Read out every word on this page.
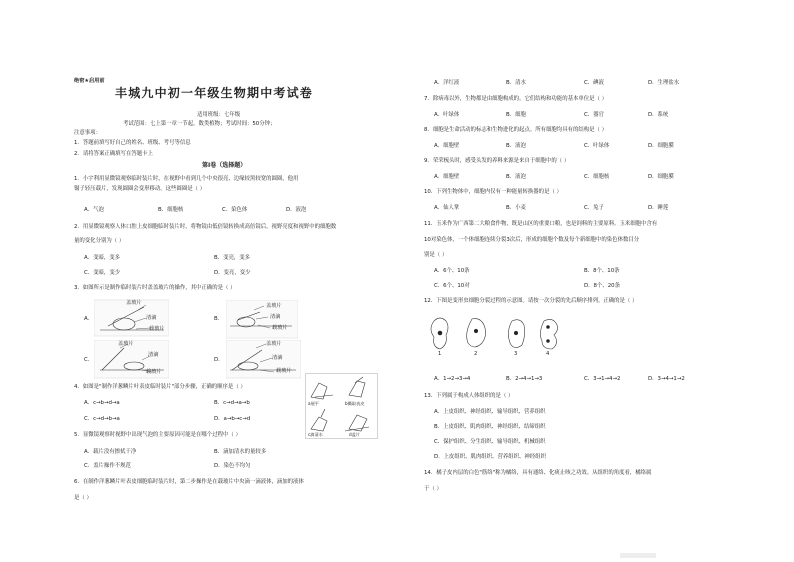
绝密★启用前
丰城九中初一年级生物期中考试卷
适用班级：七年级
考试范围：七上第一章一节起，数类植物；考试时间：50分钟；
注意事项：
1．答题前填写好自己的姓名、班级、考号等信息
2．请将答案正确填写在答题卡上
第Ⅰ卷（选择题）
1．小宇利用显微镜观察临时装片时，在视野中看到几个中央很亮、边缘较黑较宽的圆圈，他用
镊子轻压载片，发现圆圈会变形移动。这些圆圈是（ ）
A．气泡	B．细胞核	C．染色体	D．液泡
2．用显微镜观察人体口腔上皮细胞临时装片时，将物镜由低倍镜转换成高倍镜后，视野亮度和视野中的细胞数
量的变化分别为（ ）
A．变暗，变多	B．变亮，变多
C．变暗，变少	D．变亮，变少
3．如图所示是制作临时装片时盖盖玻片的操作，其中正确的是（ ）
A.
盖玻片
清滴
载玻片
B.
盖玻片
清滴
载玻片
C.
盖玻片
清滴
载玻片
D.
盖玻片
清滴
载玻片
4．如图是"制作洋葱鳞片叶表皮临时装片"部分步骤，正确的顺序是（ ）
A．c→b→d→a	B．c→d→a→b
C．c→d→b→a	D．a→b→c→d
a展平	b撕取表皮
c滴清水	d盖片
5．显微镜观察时视野中出现气泡的主要原因可能是在哪个过程中（ ）
A．载片没有擦拭干净	B．滴加清水的量较多
C．盖片操作不规范	D．染色不均匀
6．在制作洋葱鳞片叶表皮细胞临时装片时，第二步操作是在载玻片中央滴一滴液体，滴加的液体
是（ ）
A．洋红液	B．清水	C．碘液	D．生理盐水
7．除病毒以外，生物都是由细胞构成的，它们结构和功能的基本单位是（ ）
A．叶绿体	B．细胞	C．器官	D．系统
8．细胞是生命活动的标志和生物进化的起点。所有细胞均具有的结构是（ ）
A．细胞壁	B．液泡	C．叶绿体	D．细胞膜
9．荣荣梳头时，感受头发的养料来源是来自于细胞中的（ ）
A．细胞壁	B．液泡	C．细胞核	D．细胞膜
10．下列生物体中，细胞内仅有一种能量转换器的是（ ）
A．仙人掌	B．小麦	C．兔子	D．睡莲
11．玉米作为广西第二大粮食作物，既是山区的重要口粮，也是饲料的主要原料。玉米细胞中含有
10对染色体，一个体细胞连续分裂3次后，形成的细胞个数及每个新细胞中的染色体数目分
别是（ ）
A．6个、10条	B．8个、10条
C．6个、10对	D．8个、20条
12．下图是变形虫细胞分裂过程的示意图。请按一次分裂的先后顺序排列。正确的是（ ）
1	2	3	4
A．1→2→3→4	B．2→4→1→3	C．3→1→4→2	D．3→4→1→2
13．下列属于构成人体组织的是（ ）
A．上皮组织、神经组织、输导组织、营养组织
B．上皮组织、肌肉组织、神经组织、结缔组织
C．保护组织、分生组织、输导组织、机械组织
D．上皮组织、肌肉组织、营养组织、神经组织
14．橘子皮内层的白色"筋络"称为橘络，具有通络、化痰止咳之功效。从组织的角度看，橘络属
于（ ）
